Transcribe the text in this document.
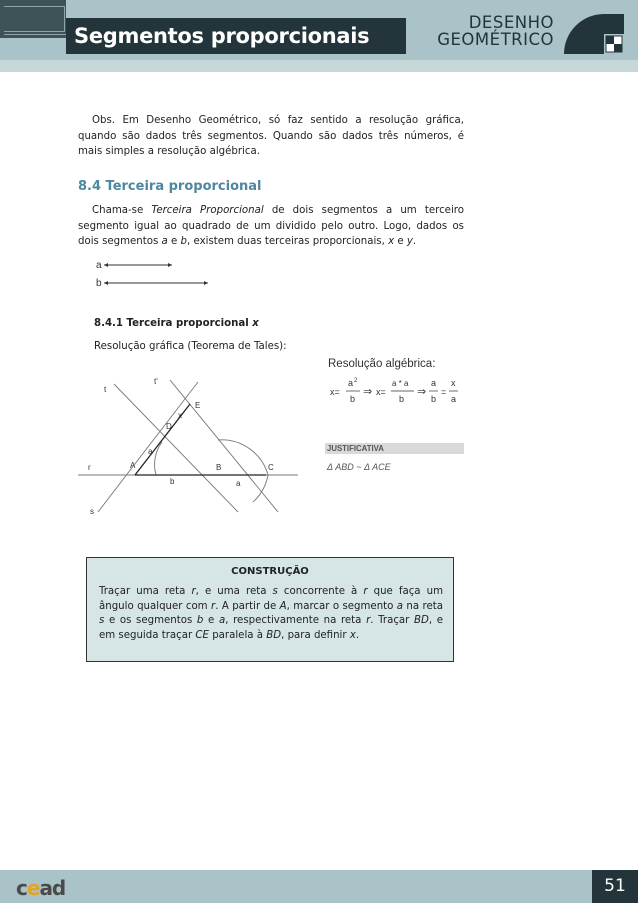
Segmentos proporcionais
DESENHO
GEOMÉTRICO

Obs. Em Desenho Geométrico, só faz sentido a resolução gráfica, quando são dados três segmentos. Quando são dados três números, é mais simples a resolução algébrica.

8.4 Terceira proporcional

Chama-se Terceira Proporcional de dois segmentos a um terceiro segmento igual ao quadrado de um dividido pelo outro. Logo, dados os dois segmentos a e b, existem duas terceiras proporcionais, x e y.

a
b
8.4.1 Terceira proporcional x
Resolução gráfica (Teorema de Tales):
t
t'
r
s
A	B	C
D
E
a
a
b
x
Resolução algébrica:
x=
a 2
b
⇒ x=
a * a
b
⇒
a
b
=
x
a
JUSTIFICATIVA
Δ ABD ~ Δ ACE
CONSTRUÇÃO
Traçar uma reta r, e uma reta s concorrente à r que faça um ângulo qualquer com r. A partir de A, marcar o segmento a na reta s e os segmentos b e a, respectivamente na reta r. Traçar BD, e em seguida traçar CE paralela à BD, para definir x.
cead	51
